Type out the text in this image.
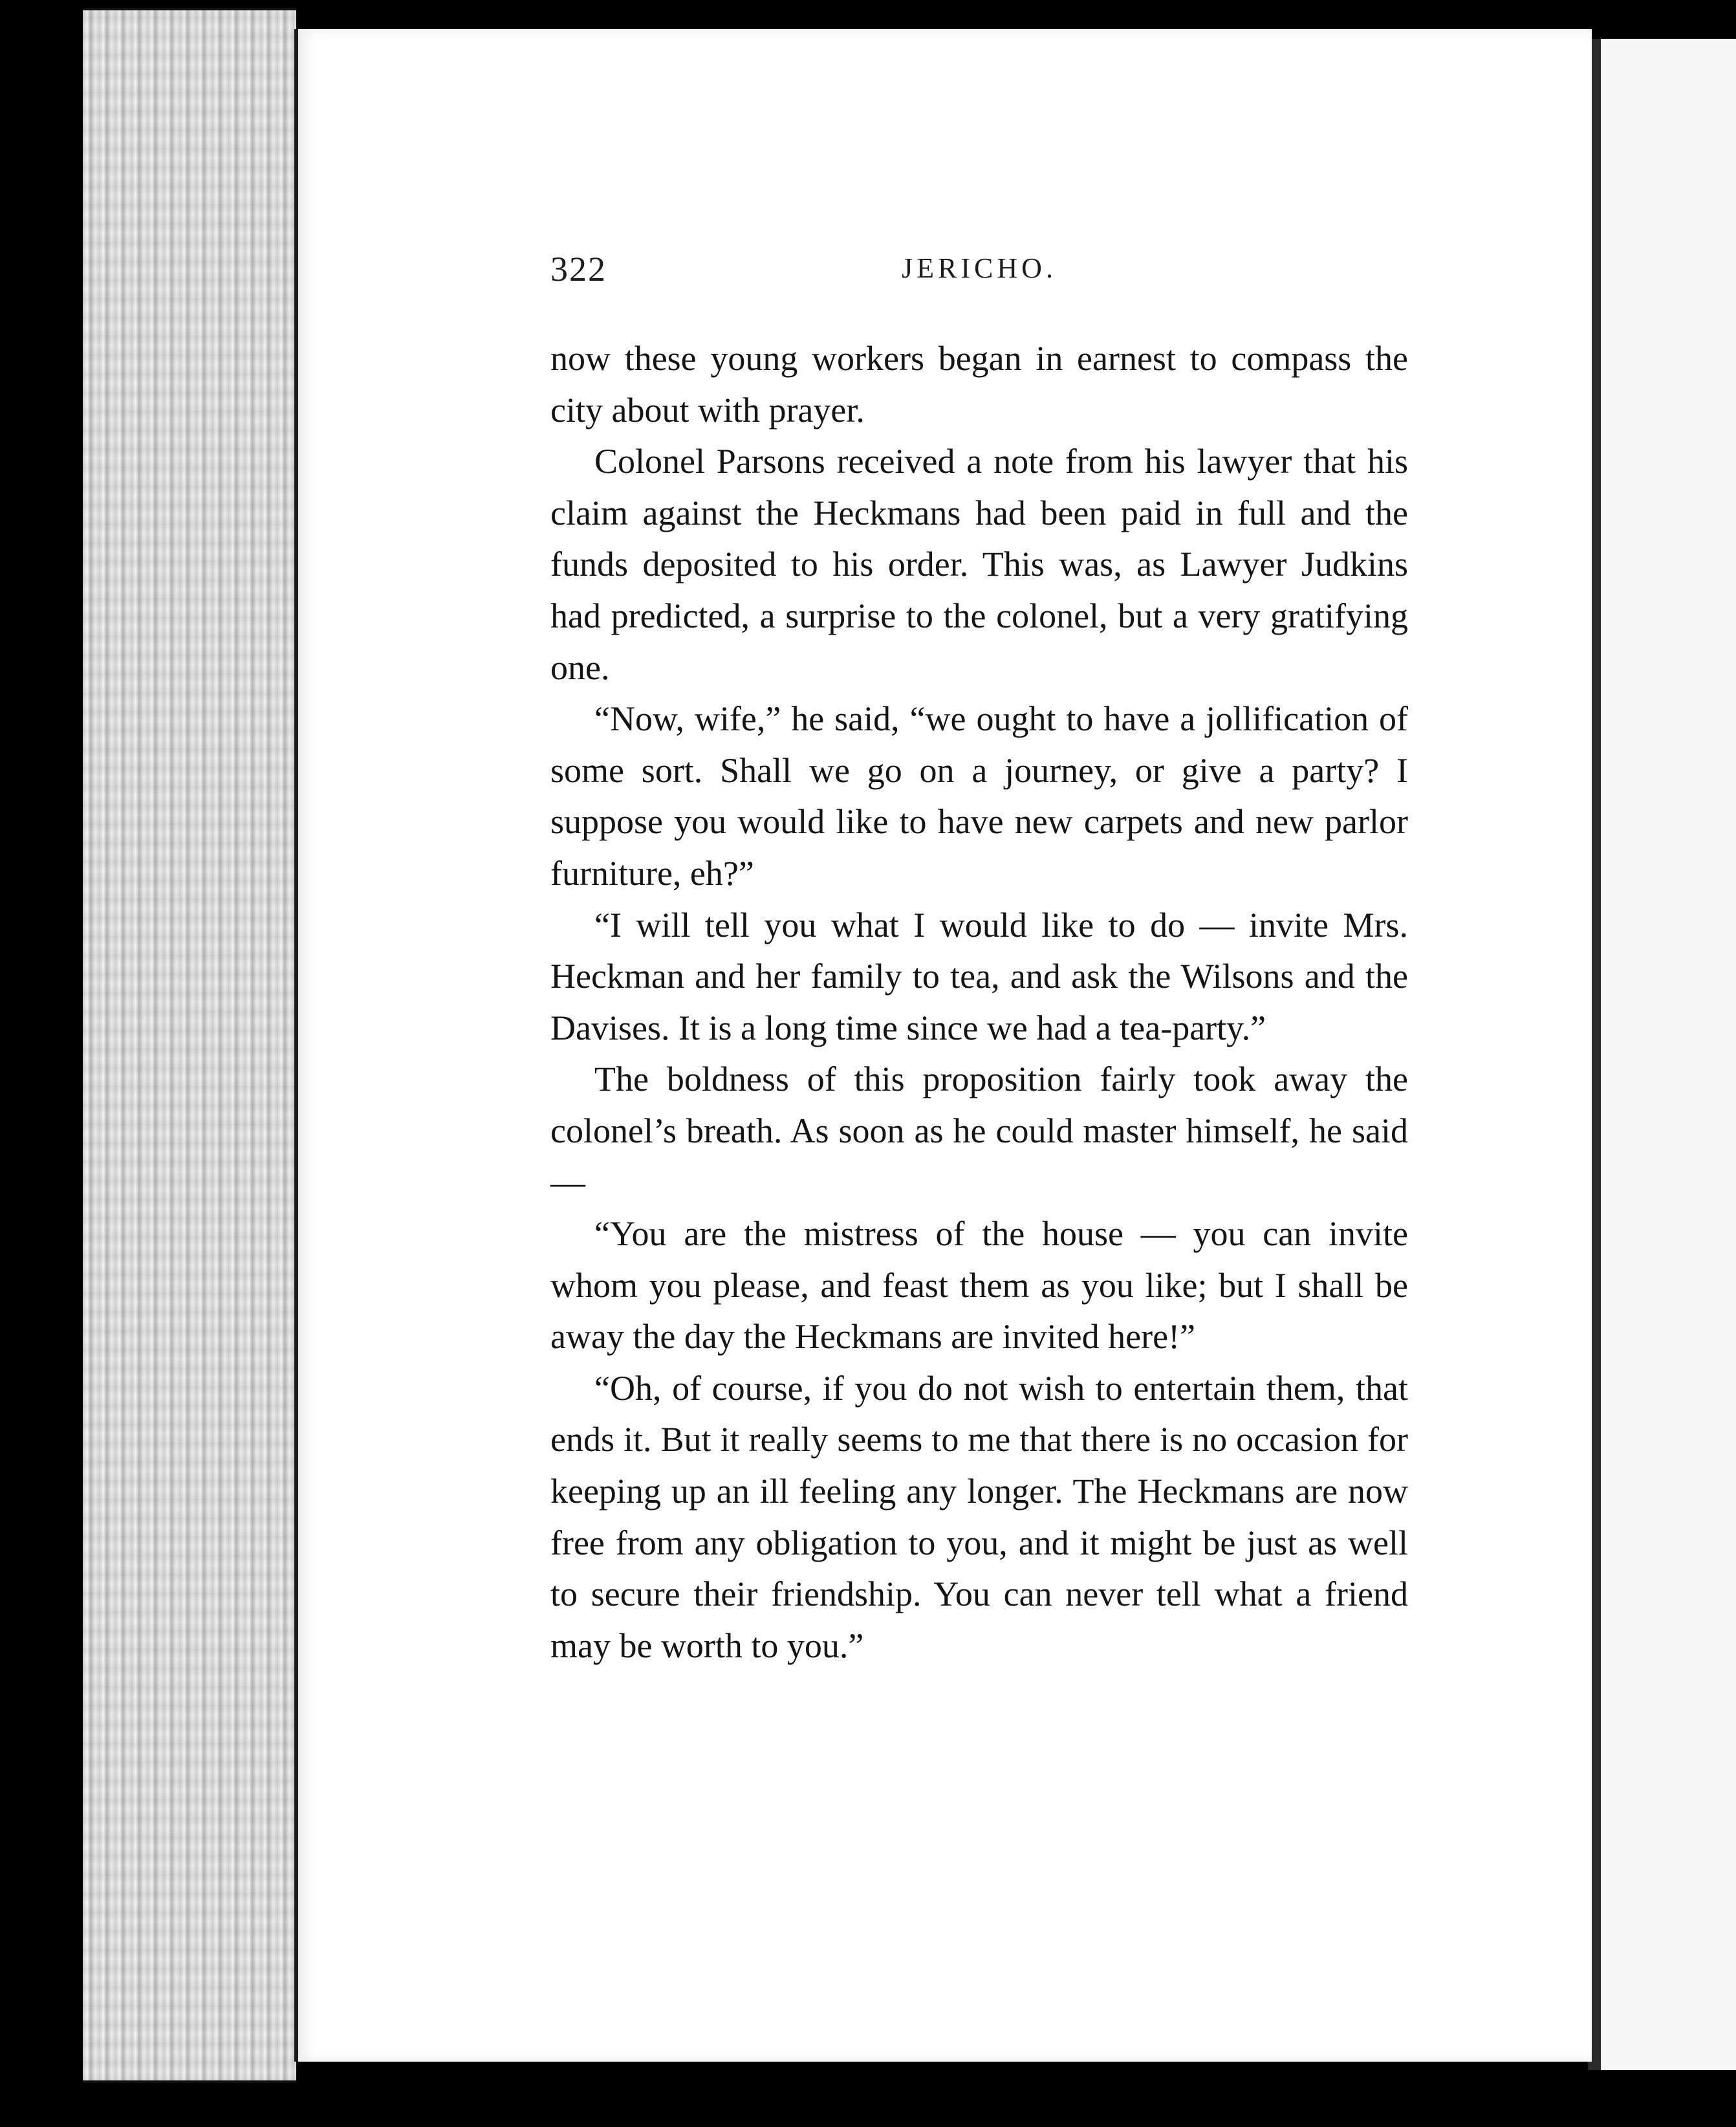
322	JERICHO.

now these young workers began in earnest to compass the city about with prayer.

Colonel Parsons received a note from his lawyer that his claim against the Heckmans had been paid in full and the funds deposited to his order. This was, as Lawyer Judkins had predicted, a surprise to the colonel, but a very gratifying one.

“Now, wife,” he said, “we ought to have a jollification of some sort. Shall we go on a journey, or give a party? I suppose you would like to have new carpets and new parlor furniture, eh?”

“I will tell you what I would like to do — invite Mrs. Heckman and her family to tea, and ask the Wilsons and the Davises. It is a long time since we had a tea-party.”

The boldness of this proposition fairly took away the colonel’s breath. As soon as he could master himself, he said —

“You are the mistress of the house — you can invite whom you please, and feast them as you like; but I shall be away the day the Heckmans are invited here!”

“Oh, of course, if you do not wish to entertain them, that ends it. But it really seems to me that there is no occasion for keeping up an ill feeling any longer. The Heckmans are now free from any obligation to you, and it might be just as well to secure their friendship. You can never tell what a friend may be worth to you.”
